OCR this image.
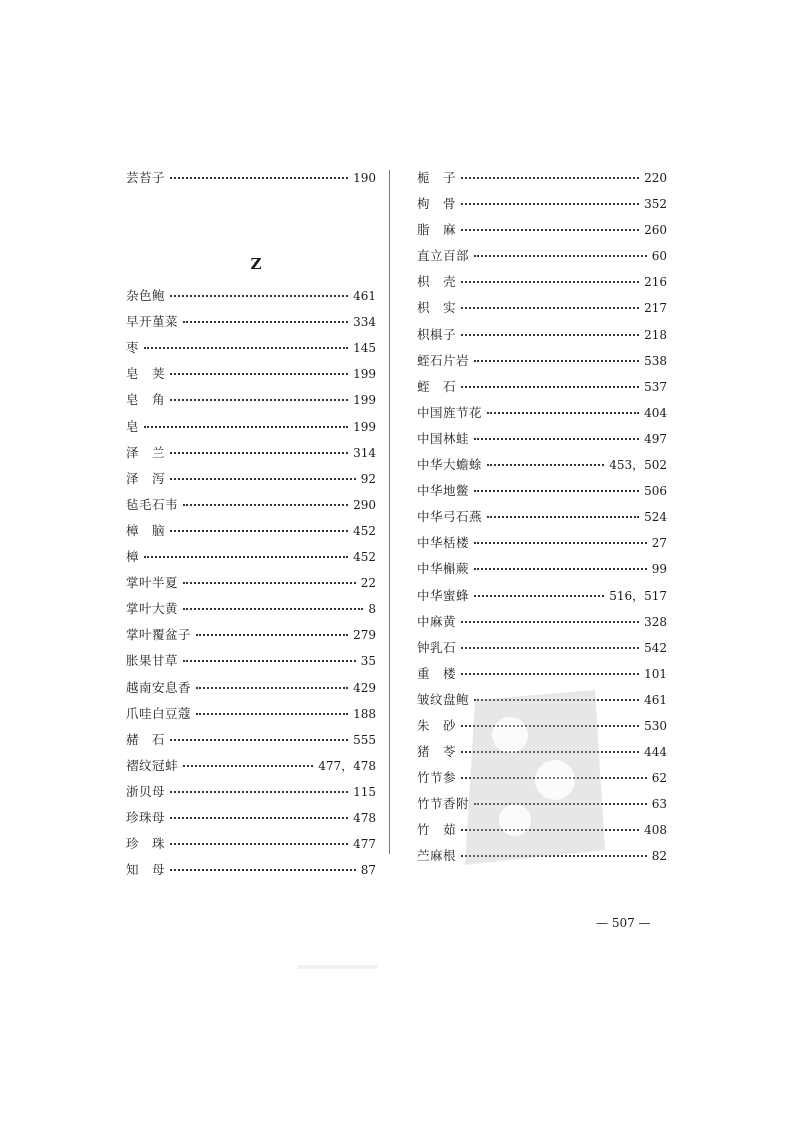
芸苔子	190
Z
杂色鲍	461
早开堇菜	334
枣	145
皂　荚	199
皂　角	199
皂	199
泽　兰	314
泽　泻	92
毡毛石韦	290
樟　脑	452
樟	452
掌叶半夏	22
掌叶大黄	8
掌叶覆盆子	279
胀果甘草	35
越南安息香	429
爪哇白豆蔻	188
赭　石	555
褶纹冠蚌	477，478
浙贝母	115
珍珠母	478
珍　珠	477
知　母	87
栀　子	220
枸　骨	352
脂　麻	260
直立百部	60
枳　壳	216
枳　实	217
枳椇子	218
蛭石片岩	538
蛭　石	537
中国旌节花	404
中国林蛙	497
中华大蟾蜍	453，502
中华地鳖	506
中华弓石燕	524
中华栝楼	27
中华槲蕨	99
中华蜜蜂	516，517
中麻黄	328
钟乳石	542
重　楼	101
皱纹盘鲍	461
朱　砂	530
猪　苓	444
竹节参	62
竹节香附	63
竹　茹	408
苎麻根	82
— 507 —
